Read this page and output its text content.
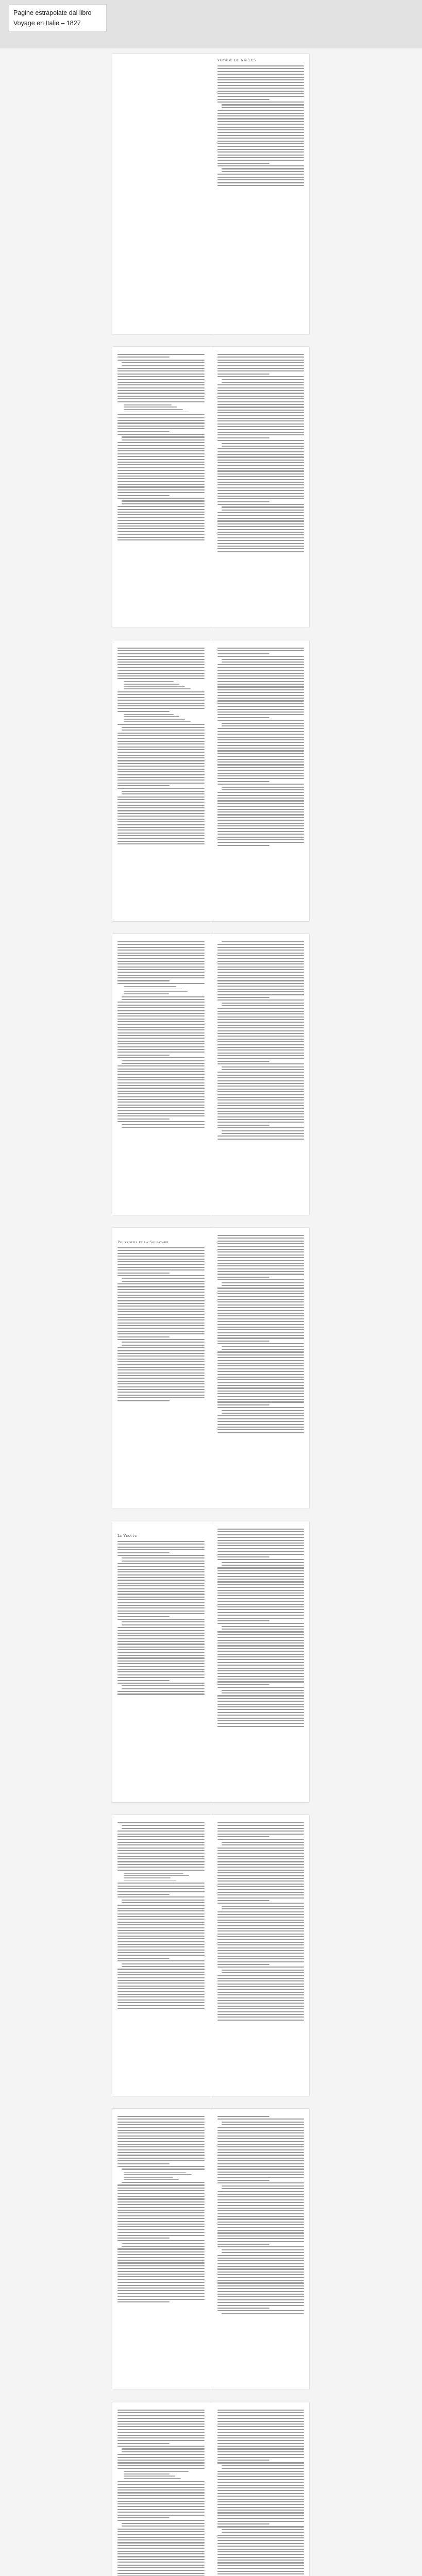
Pagine estrapolate dal libro
Voyage en Italie – 1827
VOYAGE DE NAPLES
Pouzzoles et la Solfatare
Le Vésuve
